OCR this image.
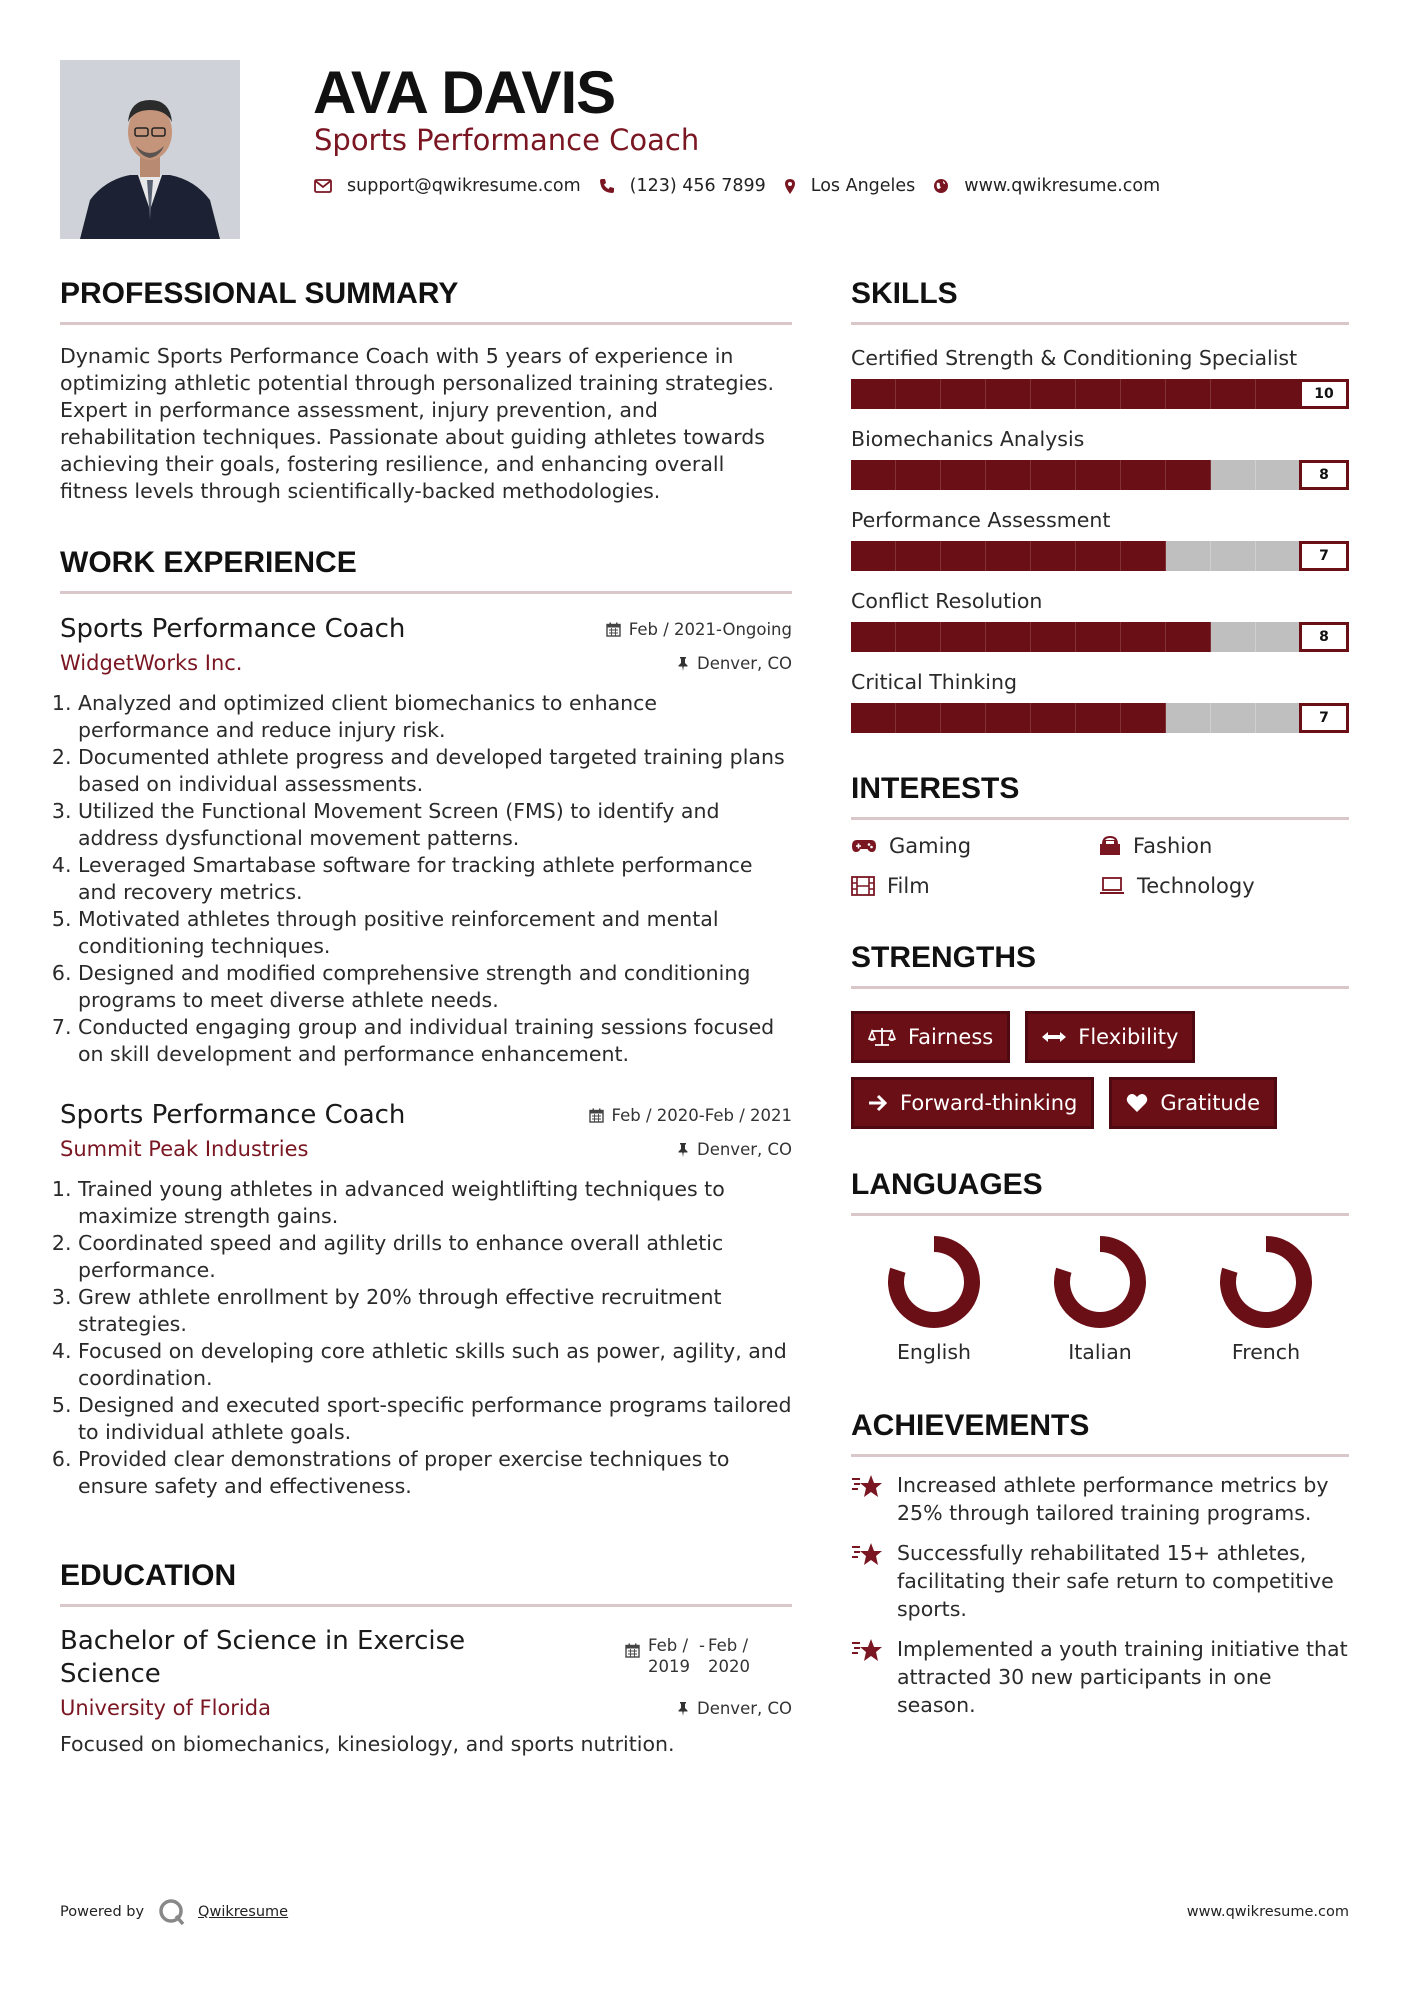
AVA DAVIS
Sports Performance Coach
support@qwikresume.com	(123) 456 7899	Los Angeles	www.qwikresume.com
PROFESSIONAL SUMMARY

Dynamic Sports Performance Coach with 5 years of experience in optimizing athletic potential through personalized training strategies. Expert in performance assessment, injury prevention, and rehabilitation techniques. Passionate about guiding athletes towards achieving their goals, fostering resilience, and enhancing overall fitness levels through scientifically-backed methodologies.

WORK EXPERIENCE
Sports Performance Coach	Feb / 2021-Ongoing
WidgetWorks Inc.	Denver, CO
1. Analyzed and optimized client biomechanics to enhance performance and reduce injury risk.
2. Documented athlete progress and developed targeted training plans based on individual assessments.
3. Utilized the Functional Movement Screen (FMS) to identify and address dysfunctional movement patterns.
4. Leveraged Smartabase software for tracking athlete performance and recovery metrics.
5. Motivated athletes through positive reinforcement and mental conditioning techniques.
6. Designed and modified comprehensive strength and conditioning programs to meet diverse athlete needs.
7. Conducted engaging group and individual training sessions focused on skill development and performance enhancement.
Sports Performance Coach	Feb / 2020-Feb / 2021
Summit Peak Industries	Denver, CO
1. Trained young athletes in advanced weightlifting techniques to maximize strength gains.
2. Coordinated speed and agility drills to enhance overall athletic performance.
3. Grew athlete enrollment by 20% through effective recruitment strategies.
4. Focused on developing core athletic skills such as power, agility, and coordination.
5. Designed and executed sport-specific performance programs tailored to individual athlete goals.
6. Provided clear demonstrations of proper exercise techniques to ensure safety and effectiveness.
EDUCATION
Bachelor of Science in Exercise Science
Feb / 2019
- Feb / 2020
University of Florida	Denver, CO

Focused on biomechanics, kinesiology, and sports nutrition.

SKILLS
Certified Strength & Conditioning Specialist
10
Biomechanics Analysis
8
Performance Assessment
7
Conflict Resolution
8
Critical Thinking
7
INTERESTS
Gaming	Fashion
Film	Technology
STRENGTHS
Fairness	Flexibility
Forward-thinking	Gratitude
LANGUAGES
English	Italian	French
ACHIEVEMENTS
Increased athlete performance metrics by 25% through tailored training programs.
Successfully rehabilitated 15+ athletes, facilitating their safe return to competitive sports.
Implemented a youth training initiative that attracted 30 new participants in one season.
Powered by	Qwikresume	www.qwikresume.com
